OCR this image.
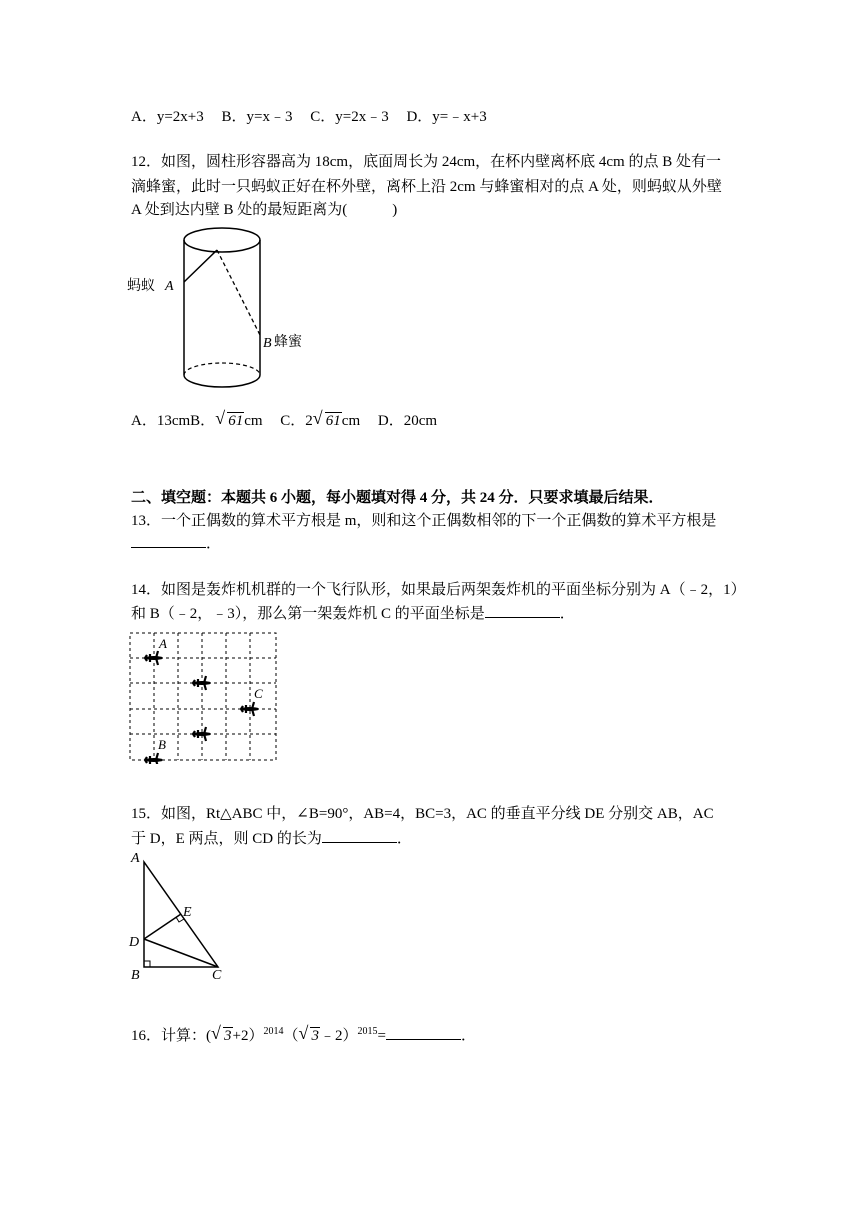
A．y=2x+3 B．y=x﹣3 C．y=2x﹣3 D．y=﹣x+3
12．如图，圆柱形容器高为 18cm，底面周长为 24cm，在杯内壁离杯底 4cm 的点 B 处有一
滴蜂蜜，此时一只蚂蚁正好在杯外壁，离杯上沿 2cm 与蜂蜜相对的点 A 处，则蚂蚁从外壁
A 处到达内壁 B 处的最短距离为(　　　)
蚂蚁 A
B 蜂蜜
A．13cmB． √ 61cm C．2 √ 61cm D．20cm
二、填空题：本题共 6 小题，每小题填对得 4 分，共 24 分．只要求填最后结果．
13．一个正偶数的算术平方根是 m，则和这个正偶数相邻的下一个正偶数的算术平方根是
．
14．如图是轰炸机机群的一个飞行队形，如果最后两架轰炸机的平面坐标分别为 A（﹣2，1）
和 B（﹣2，﹣3），那么第一架轰炸机 C 的平面坐标是	．
A
C
B
15．如图，Rt△ABC 中，∠B=90°，AB=4，BC=3，AC 的垂直平分线 DE 分别交 AB，AC
于 D，E 两点，则 CD 的长为	．
A
E
D
B	C
16．计算：( √ 3+2）$^{2014}$（ √ 3﹣2）$^{2015}$=	．
